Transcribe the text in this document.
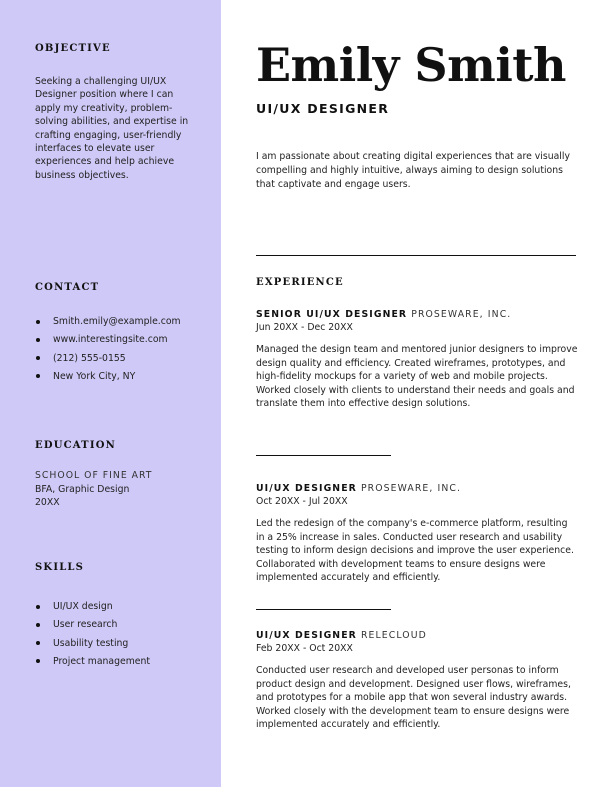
OBJECTIVE
Seeking a challenging UI/UX Designer position where I can apply my creativity, problem-solving abilities, and expertise in crafting engaging, user-friendly interfaces to elevate user experiences and help achieve business objectives.
CONTACT
Smith.emily@example.com
www.interestingsite.com
(212) 555-0155
New York City, NY
EDUCATION
SCHOOL OF FINE ART
BFA, Graphic Design
20XX
SKILLS
UI/UX design
User research
Usability testing
Project management
Emily Smith
UI/UX DESIGNER
I am passionate about creating digital experiences that are visually compelling and highly intuitive, always aiming to design solutions that captivate and engage users.
EXPERIENCE
SENIOR UI/UX DESIGNER PROSEWARE, INC.
Jun 20XX - Dec 20XX
Managed the design team and mentored junior designers to improve design quality and efficiency. Created wireframes, prototypes, and high-fidelity mockups for a variety of web and mobile projects. Worked closely with clients to understand their needs and goals and translate them into effective design solutions.
UI/UX DESIGNER PROSEWARE, INC.
Oct 20XX - Jul 20XX
Led the redesign of the company's e-commerce platform, resulting in a 25% increase in sales. Conducted user research and usability testing to inform design decisions and improve the user experience. Collaborated with development teams to ensure designs were implemented accurately and efficiently.
UI/UX DESIGNER RELECLOUD
Feb 20XX - Oct 20XX
Conducted user research and developed user personas to inform product design and development. Designed user flows, wireframes, and prototypes for a mobile app that won several industry awards. Worked closely with the development team to ensure designs were implemented accurately and efficiently.
